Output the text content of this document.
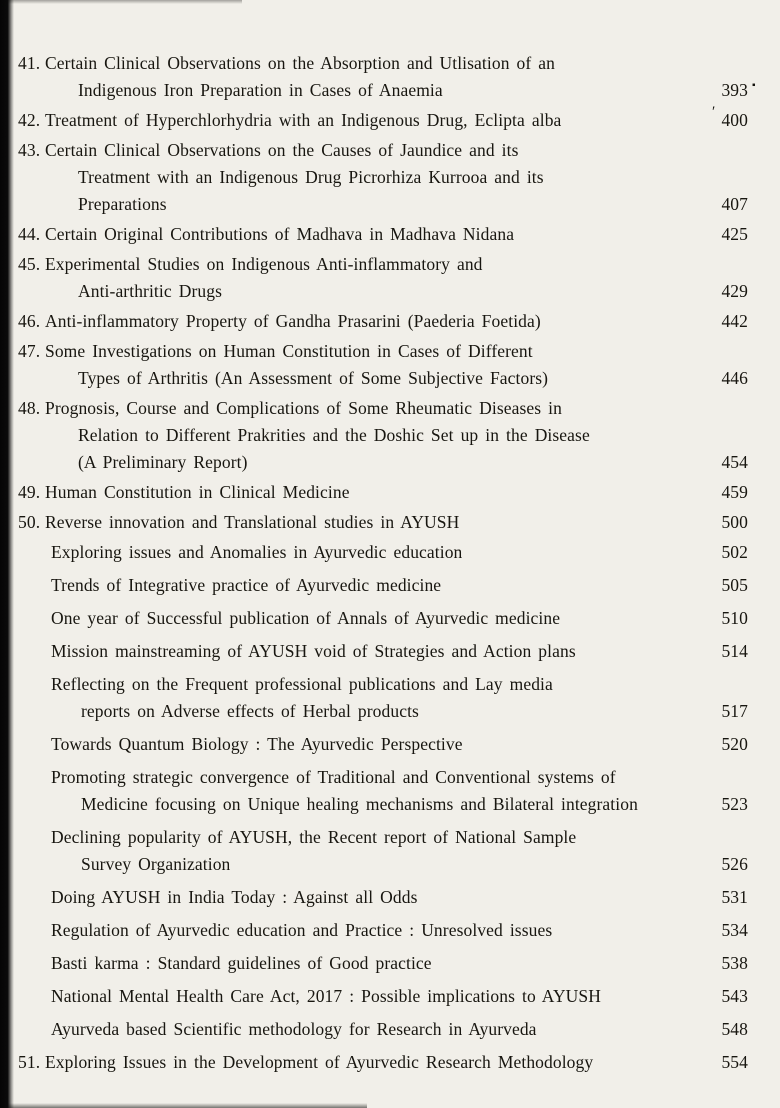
41. Certain Clinical Observations on the Absorption and Utlisation of an
Indigenous Iron Preparation in Cases of Anaemia	393
42. Treatment of Hyperchlorhydria with an Indigenous Drug, Eclipta alba	400
43. Certain Clinical Observations on the Causes of Jaundice and its
Treatment with an Indigenous Drug Picrorhiza Kurrooa and its
Preparations	407
44. Certain Original Contributions of Madhava in Madhava Nidana	425
45. Experimental Studies on Indigenous Anti-inflammatory and
Anti-arthritic Drugs	429
46. Anti-inflammatory Property of Gandha Prasarini (Paederia Foetida)	442
47. Some Investigations on Human Constitution in Cases of Different
Types of Arthritis (An Assessment of Some Subjective Factors)	446
48. Prognosis, Course and Complications of Some Rheumatic Diseases in
Relation to Different Prakrities and the Doshic Set up in the Disease
(A Preliminary Report)	454
49. Human Constitution in Clinical Medicine	459
50. Reverse innovation and Translational studies in AYUSH	500
Exploring issues and Anomalies in Ayurvedic education	502
Trends of Integrative practice of Ayurvedic medicine	505
One year of Successful publication of Annals of Ayurvedic medicine	510
Mission mainstreaming of AYUSH void of Strategies and Action plans	514
Reflecting on the Frequent professional publications and Lay media
reports on Adverse effects of Herbal products	517
Towards Quantum Biology : The Ayurvedic Perspective	520
Promoting strategic convergence of Traditional and Conventional systems of
Medicine focusing on Unique healing mechanisms and Bilateral integration	523
Declining popularity of AYUSH, the Recent report of National Sample
Survey Organization	526
Doing AYUSH in India Today : Against all Odds	531
Regulation of Ayurvedic education and Practice : Unresolved issues	534
Basti karma : Standard guidelines of Good practice	538
National Mental Health Care Act, 2017 : Possible implications to AYUSH	543
Ayurveda based Scientific methodology for Research in Ayurveda	548
51. Exploring Issues in the Development of Ayurvedic Research Methodology	554
▪
ʹ
